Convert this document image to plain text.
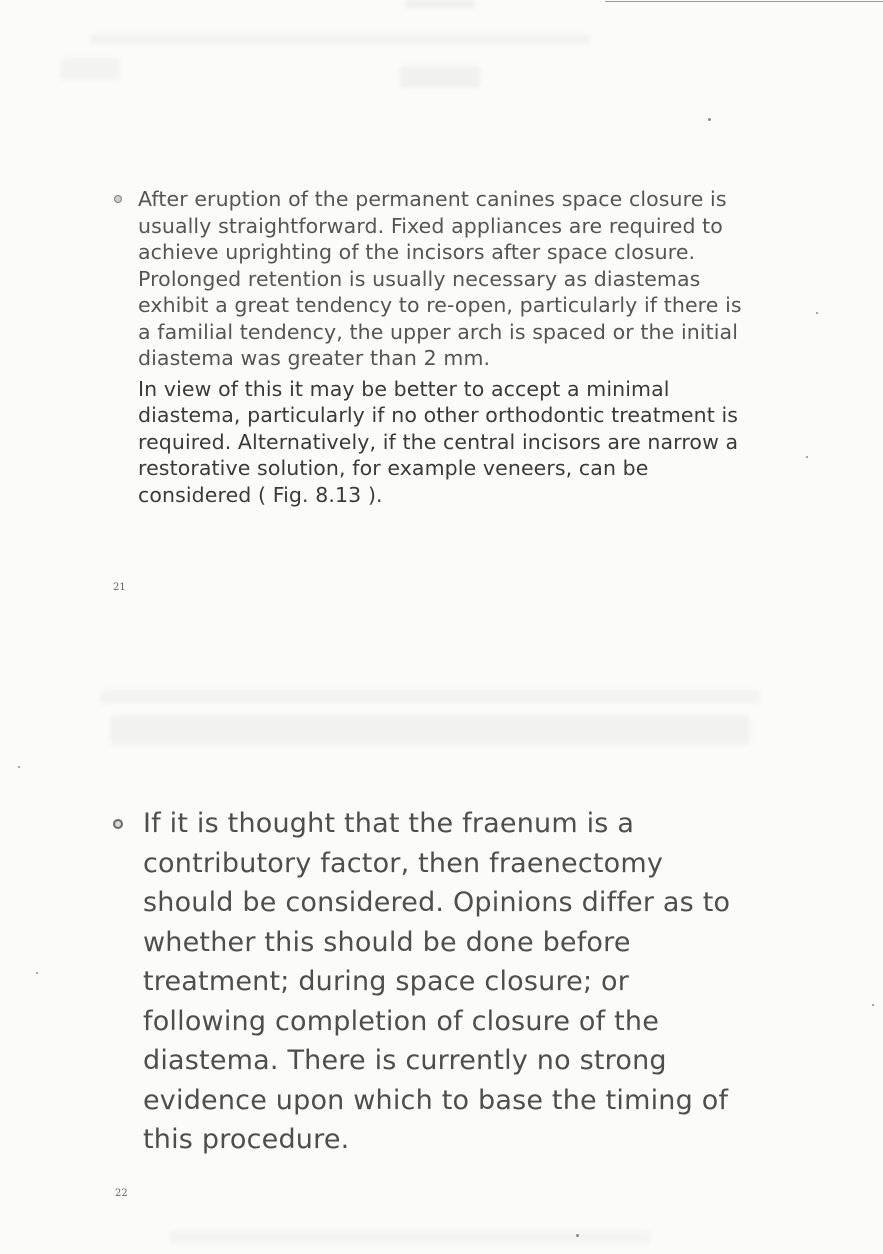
After eruption of the permanent canines space closure is usually straightforward. Fixed appliances are required to achieve uprighting of the incisors after space closure. Prolonged retention is usually necessary as diastemas exhibit a great tendency to re-open, particularly if there is a familial tendency, the upper arch is spaced or the initial diastema was greater than 2 mm.

In view of this it may be better to accept a minimal diastema, particularly if no other orthodontic treatment is required. Alternatively, if the central incisors are narrow a restorative solution, for example veneers, can be considered ( Fig. 8.13 ).

21

If it is thought that the fraenum is a contributory factor, then fraenectomy should be considered. Opinions differ as to whether this should be done before treatment; during space closure; or following completion of closure of the diastema. There is currently no strong evidence upon which to base the timing of this procedure.

22
